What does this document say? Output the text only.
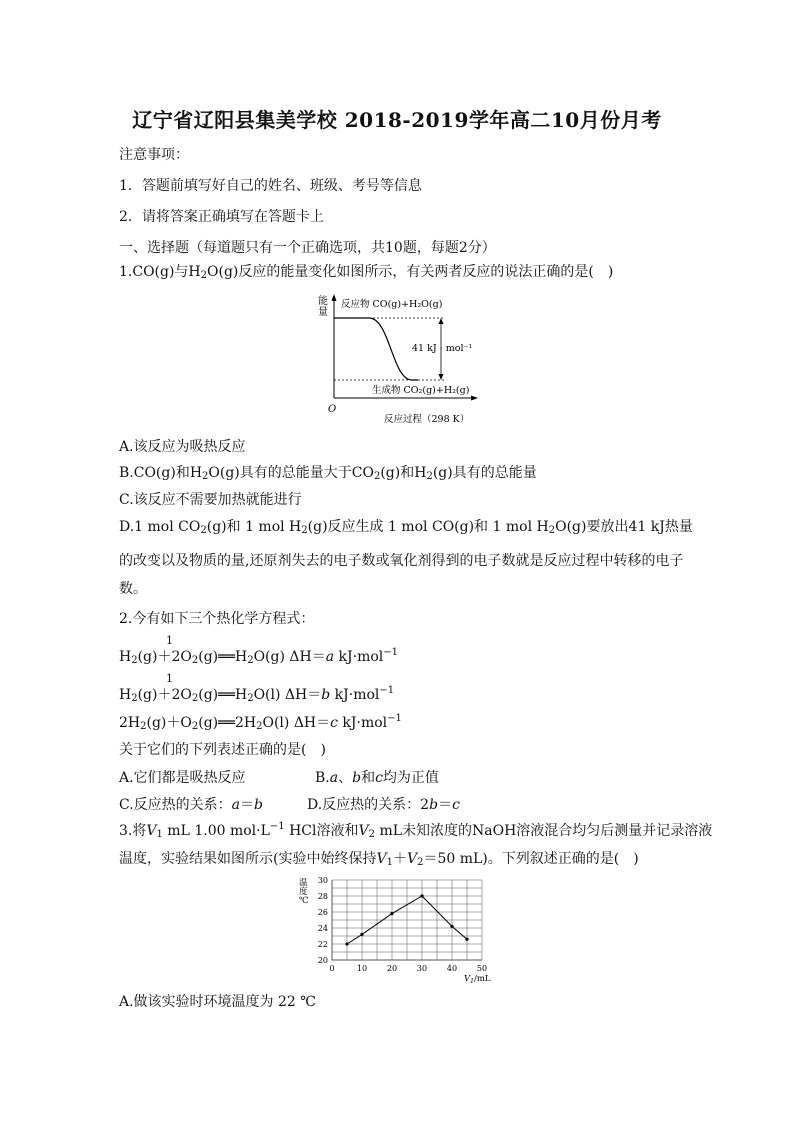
辽宁省辽阳县集美学校 2018-2019学年高二10月份月考
注意事项：
1．答题前填写好自己的姓名、班级、考号等信息
2．请将答案正确填写在答题卡上
一、选择题（每道题只有一个正确选项，共10题，每题2分）
1.CO(g)与$H_2O(g)$反应的能量变化如图所示，有关两者反应的说法正确的是(　)
能
量
反应物 CO(g)+H₂O(g)
41 kJ · mol⁻¹
生成物 CO₂(g)+H₂(g)
O
反应过程（298 K）
A.该反应为吸热反应
B.CO(g)和$H_2O(g)$具有的总能量大于$CO_2(g)$和$H_2(g)$具有的总能量
C.该反应不需要加热就能进行
D.1 mol $CO_2(g)$和 1 mol $H_2(g)$反应生成 1 mol CO(g)和 1 mol $H_2O(g)$要放出41 kJ热量
的改变以及物质的量,还原剂失去的电子数或氧化剂得到的电子数就是反应过程中转移的电子数。
2.今有如下三个热化学方程式：
1
$H_2(g)+2O_2(g)══H_2O(g)$ ΔH＝a kJ·mol$^{-1}$
1
$H_2(g)+2O_2(g)══H_2O(l)$ ΔH＝b kJ·mol$^{-1}$
$2H_2(g)+O_2(g)══2H_2O(l)$ ΔH＝c kJ·mol$^{-1}$
关于它们的下列表述正确的是(　)
A.它们都是吸热反应	B.a、b和c均为正值
C.反应热的关系：a＝b	D.反应热的关系：2b＝c
3.将$V_1$ mL 1.00 $mol\cdot L^{-1}$ HCl溶液和$V_2$ mL未知浓度的NaOH溶液混合均匀后测量并记录溶液
温度，实验结果如图所示(实验中始终保持$V_1+V_2=50$ mL)。下列叙述正确的是(　)
温
度
℃
20
22
24
26
28
30
0	10 20 30 40 50
$V_1/mL$
A.做该实验时环境温度为 22 ℃
